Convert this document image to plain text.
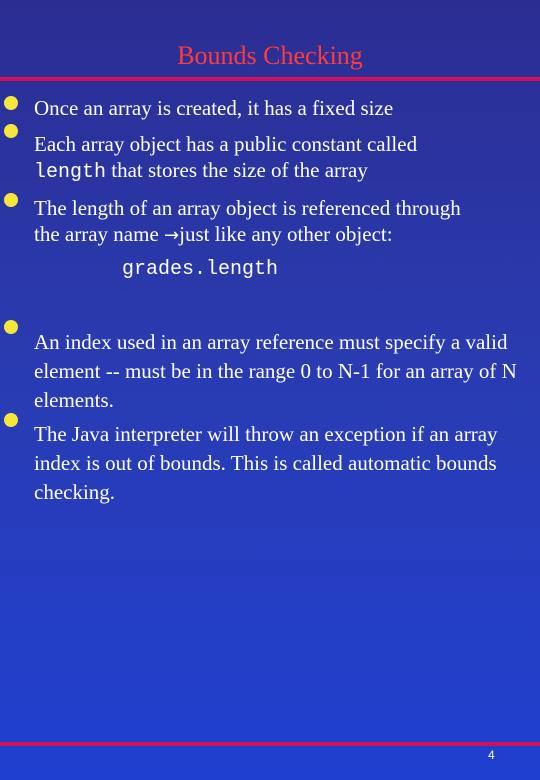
Bounds Checking
Once an array is created, it has a fixed size
Each array object has a public constant called
length that stores the size of the array
The length of an array object is referenced through
the array name →just like any other object:
grades.length
An index used in an array reference must specify a valid element -- must be in the range 0 to N-1 for an array of N elements.
The Java interpreter will throw an exception if an array index is out of bounds. This is called automatic bounds checking.
4
